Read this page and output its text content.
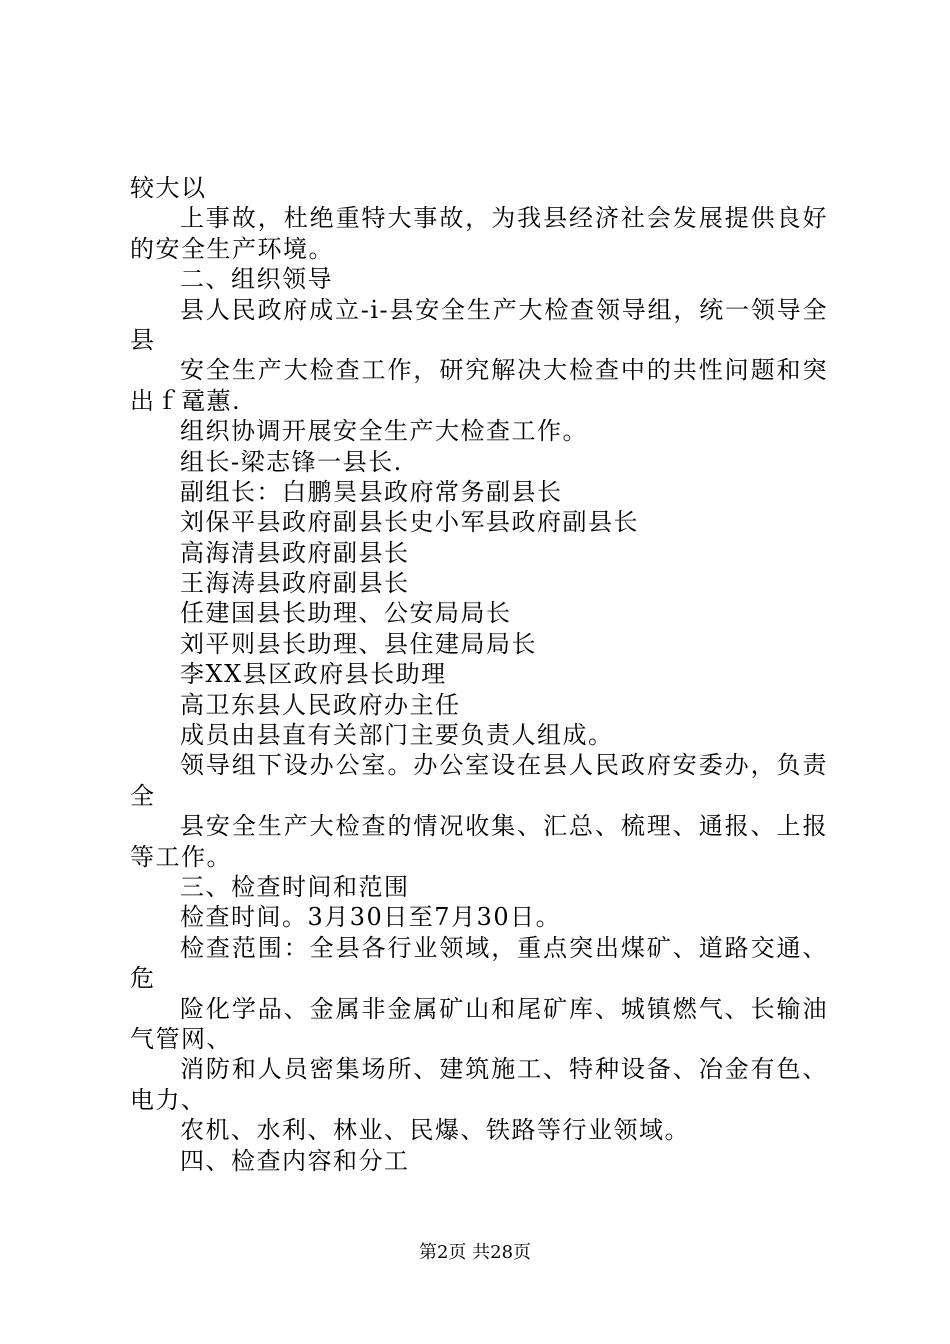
较大以
上事故，杜绝重特大事故，为我县经济社会发展提供良好
的安全生产环境。
二、组织领导
县人民政府成立-i-县安全生产大检查领导组，统一领导全
县
安全生产大检查工作，研究解决大检查中的共性问题和突
出ｆ鼋蕙.
组织协调开展安全生产大检查工作。
组长-梁志锋一县长.
副组长：白鹏昊县政府常务副县长
刘保平县政府副县长史小军县政府副县长
高海清县政府副县长
王海涛县政府副县长
任建国县长助理、公安局局长
刘平则县长助理、县住建局局长
李XX县区政府县长助理
高卫东县人民政府办主任
成员由县直有关部门主要负责人组成。
领导组下设办公室。办公室设在县人民政府安委办，负责
全
县安全生产大检查的情况收集、汇总、梳理、通报、上报
等工作。
三、检查时间和范围
检查时间。3月30日至7月30日。
检查范围：全县各行业领域，重点突出煤矿、道路交通、
危
险化学品、金属非金属矿山和尾矿库、城镇燃气、长输油
气管网、
消防和人员密集场所、建筑施工、特种设备、冶金有色、
电力、
农机、水利、林业、民爆、铁路等行业领域。
四、检查内容和分工
第2页 共28页
